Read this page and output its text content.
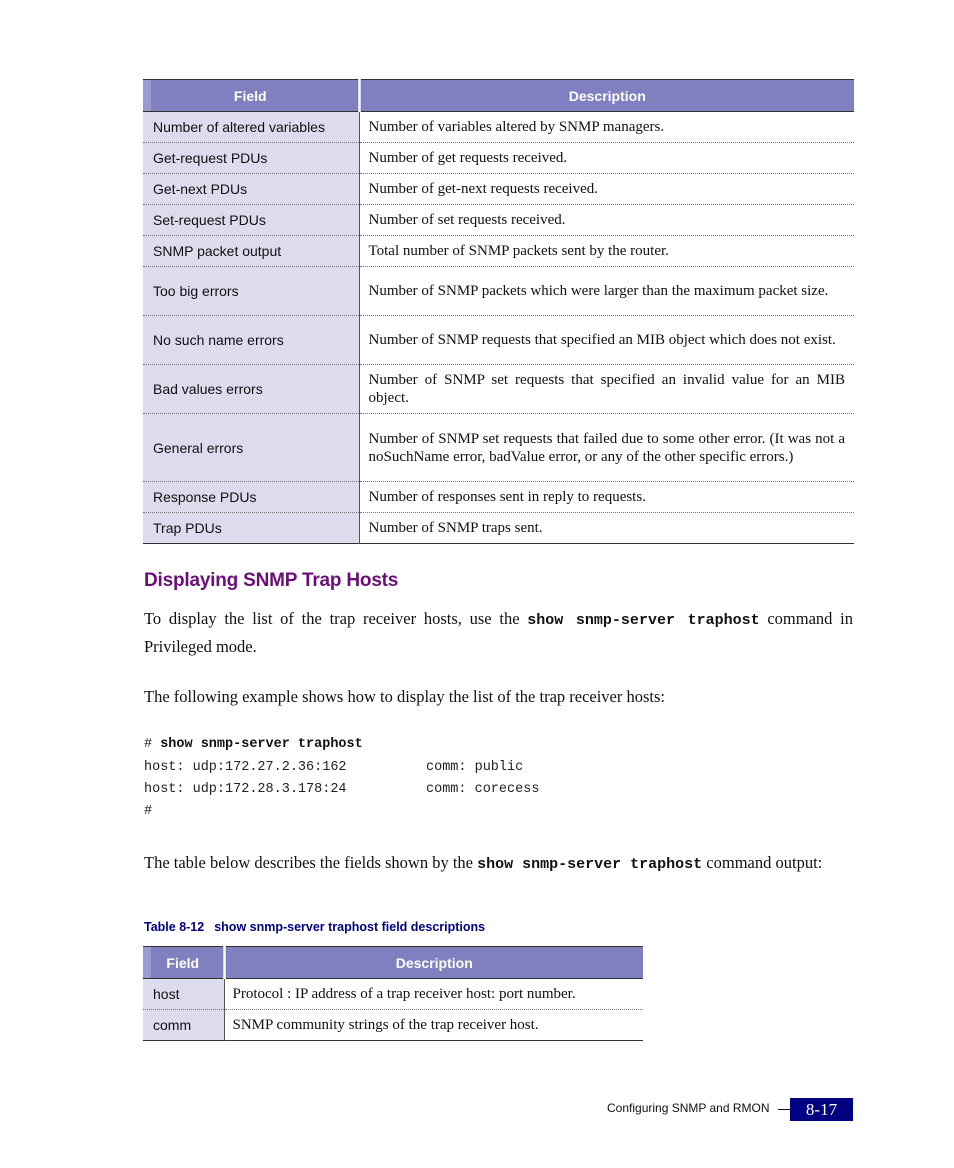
Field	Description
Number of altered variables	Number of variables altered by SNMP managers.
Get-request PDUs	Number of get requests received.
Get-next PDUs	Number of get-next requests received.
Set-request PDUs	Number of set requests received.
SNMP packet output	Total number of SNMP packets sent by the router.
Too big errors	Number of SNMP packets which were larger than the maximum packet size.
No such name errors	Number of SNMP requests that specified an MIB object which does not exist.
Bad values errors	Number of SNMP set requests that specified an invalid value for an MIB object.
General errors	Number of SNMP set requests that failed due to some other error. (It was not a noSuchName error, badValue error, or any of the other specific errors.)
Response PDUs	Number of responses sent in reply to requests.
Trap PDUs	Number of SNMP traps sent.
Displaying SNMP Trap Hosts

To display the list of the trap receiver hosts, use the show snmp-server traphost command in Privileged mode.

The following example shows how to display the list of the trap receiver hosts:

# show snmp-server traphost
host: udp:172.27.2.36:162	comm: public
host: udp:172.28.3.178:24	comm: corecess
#

The table below describes the fields shown by the show snmp-server traphost command output:

Table 8-12 show snmp-server traphost field descriptions

Field	Description
host	Protocol : IP address of a trap receiver host: port number.
comm	SNMP community strings of the trap receiver host.
Configuring SNMP and RMON	8-17
